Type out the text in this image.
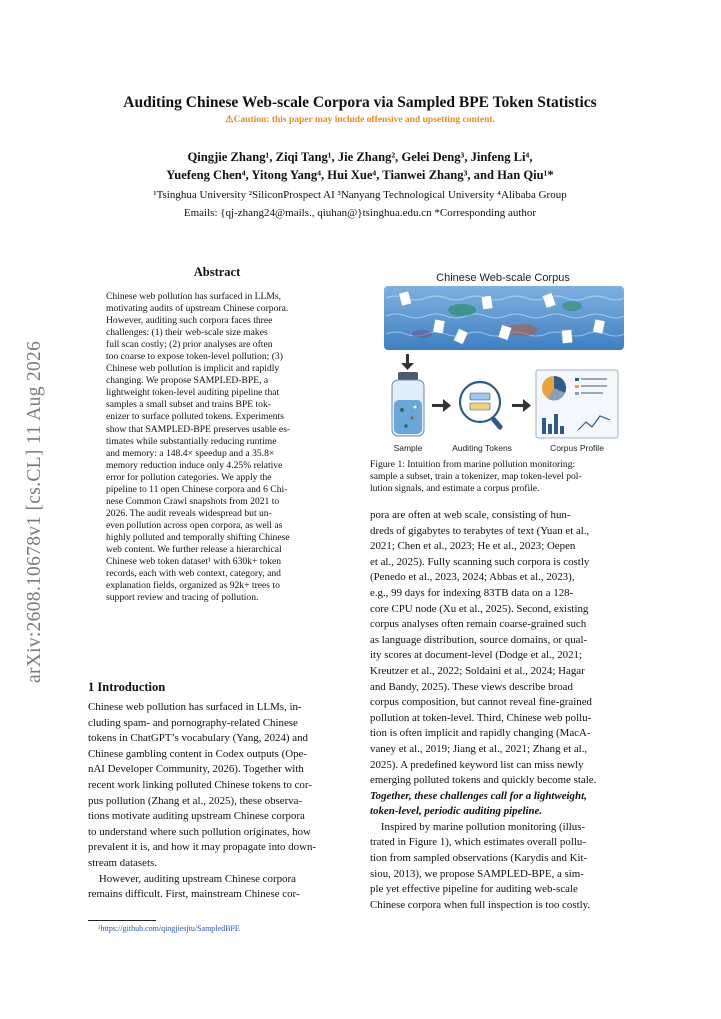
arXiv:2608.10678v1 [cs.CL] 11 Aug 2026
Auditing Chinese Web-scale Corpora via Sampled BPE Token Statistics
⚠Caution: this paper may include offensive and upsetting content.
Qingjie Zhang¹, Ziqi Tang¹, Jie Zhang², Gelei Deng³, Jinfeng Li⁴,
Yuefeng Chen⁴, Yitong Yang⁴, Hui Xue⁴, Tianwei Zhang³, and Han Qiu¹*
¹Tsinghua University ²SiliconProspect AI ³Nanyang Technological University ⁴Alibaba Group
Emails: {qj-zhang24@mails., qiuhan@}tsinghua.edu.cn *Corresponding author
Abstract
Chinese web pollution has surfaced in LLMs,
motivating audits of upstream Chinese corpora.
However, auditing such corpora faces three
challenges: (1) their web-scale size makes
full scan costly; (2) prior analyses are often
too coarse to expose token-level pollution; (3)
Chinese web pollution is implicit and rapidly
changing. We propose SAMPLED-BPE, a
lightweight token-level auditing pipeline that
samples a small subset and trains BPE tok-
enizer to surface polluted tokens. Experiments
show that SAMPLED-BPE preserves usable es-
timates while substantially reducing runtime
and memory: a 148.4× speedup and a 35.8×
memory reduction induce only 4.25% relative
error for pollution categories. We apply the
pipeline to 11 open Chinese corpora and 6 Chi-
nese Common Crawl snapshots from 2021 to
2026. The audit reveals widespread but un-
even pollution across open corpora, as well as
highly polluted and temporally shifting Chinese
web content. We further release a hierarchical
Chinese web token dataset¹ with 630k+ token
records, each with web context, category, and
explanation fields, organized as 92k+ trees to
support review and tracing of pollution.
1 Introduction
Chinese web pollution has surfaced in LLMs, in-
cluding spam- and pornography-related Chinese
tokens in ChatGPT’s vocabulary (Yang, 2024) and
Chinese gambling content in Codex outputs (Ope-
nAI Developer Community, 2026). Together with
recent work linking polluted Chinese tokens to cor-
pus pollution (Zhang et al., 2025), these observa-
tions motivate auditing upstream Chinese corpora
to understand where such pollution originates, how
prevalent it is, and how it may propagate into down-
stream datasets.
However, auditing upstream Chinese corpora
remains difficult. First, mainstream Chinese cor-
¹https://github.com/qingjiesjtu/SampledBPE
Chinese Web-scale Corpus
Sample	Auditing Tokens	Corpus Profile
Figure 1: Intuition from marine pollution monitoring:
sample a subset, train a tokenizer, map token-level pol-
lution signals, and estimate a corpus profile.
pora are often at web scale, consisting of hun-
dreds of gigabytes to terabytes of text (Yuan et al.,
2021; Chen et al., 2023; He et al., 2023; Oepen
et al., 2025). Fully scanning such corpora is costly
(Penedo et al., 2023, 2024; Abbas et al., 2023),
e.g., 99 days for indexing 83TB data on a 128-
core CPU node (Xu et al., 2025). Second, existing
corpus analyses often remain coarse-grained such
as language distribution, source domains, or qual-
ity scores at document-level (Dodge et al., 2021;
Kreutzer et al., 2022; Soldaini et al., 2024; Hagar
and Bandy, 2025). These views describe broad
corpus composition, but cannot reveal fine-grained
pollution at token-level. Third, Chinese web pollu-
tion is often implicit and rapidly changing (MacA-
vaney et al., 2019; Jiang et al., 2021; Zhang et al.,
2025). A predefined keyword list can miss newly
emerging polluted tokens and quickly become stale.
Together, these challenges call for a lightweight,
token-level, periodic auditing pipeline.
Inspired by marine pollution monitoring (illus-
trated in Figure 1), which estimates overall pollu-
tion from sampled observations (Karydis and Kit-
siou, 2013), we propose SAMPLED-BPE, a sim-
ple yet effective pipeline for auditing web-scale
Chinese corpora when full inspection is too costly.
